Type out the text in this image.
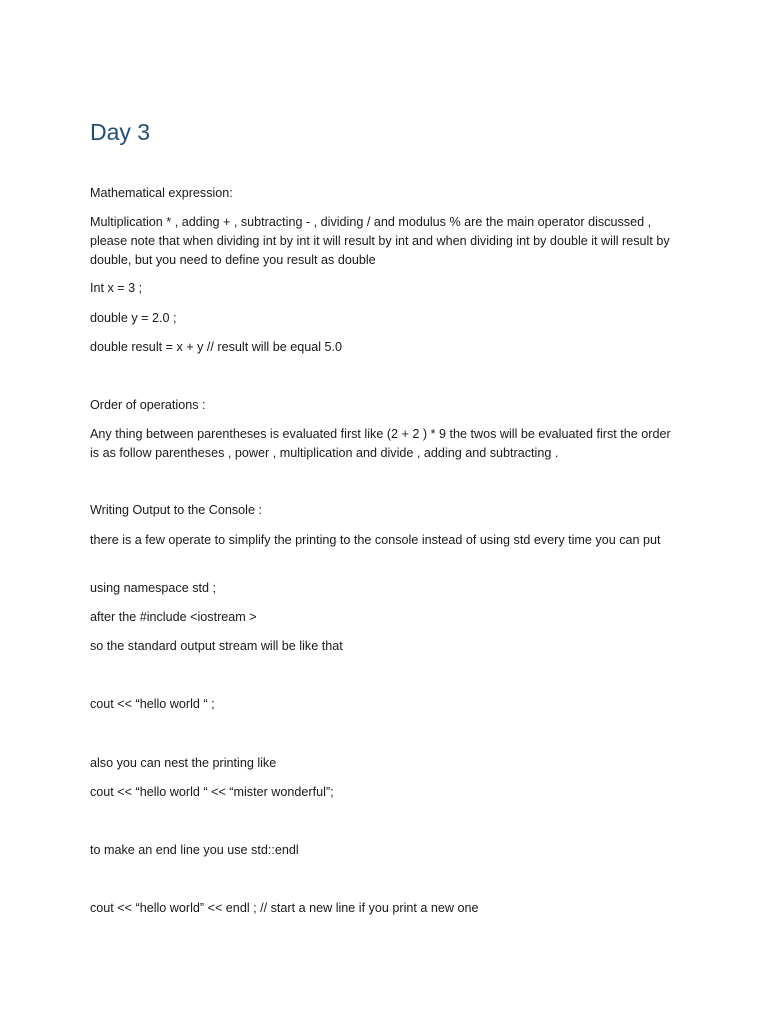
Day 3

Mathematical expression:

Multiplication * , adding + , subtracting - , dividing / and modulus % are the main operator discussed , please note that when dividing int by int it will result by int and when dividing int by double it will result by double, but you need to define you result as double

Int x = 3 ;

double y = 2.0 ;

double result = x + y // result will be equal 5.0

Order of operations :

Any thing between parentheses is evaluated first like (2 + 2 ) * 9 the twos will be evaluated first the order is as follow parentheses , power , multiplication and divide , adding and subtracting .

Writing Output to the Console :

there is a few operate to simplify the printing to the console instead of using std every time you can put

using namespace std ;

after the #include <iostream >

so the standard output stream will be like that

cout << “hello world “ ;

also you can nest the printing like

cout << “hello world “ << “mister wonderful”;

to make an end line you use std::endl

cout << “hello world” << endl ; // start a new line if you print a new one
